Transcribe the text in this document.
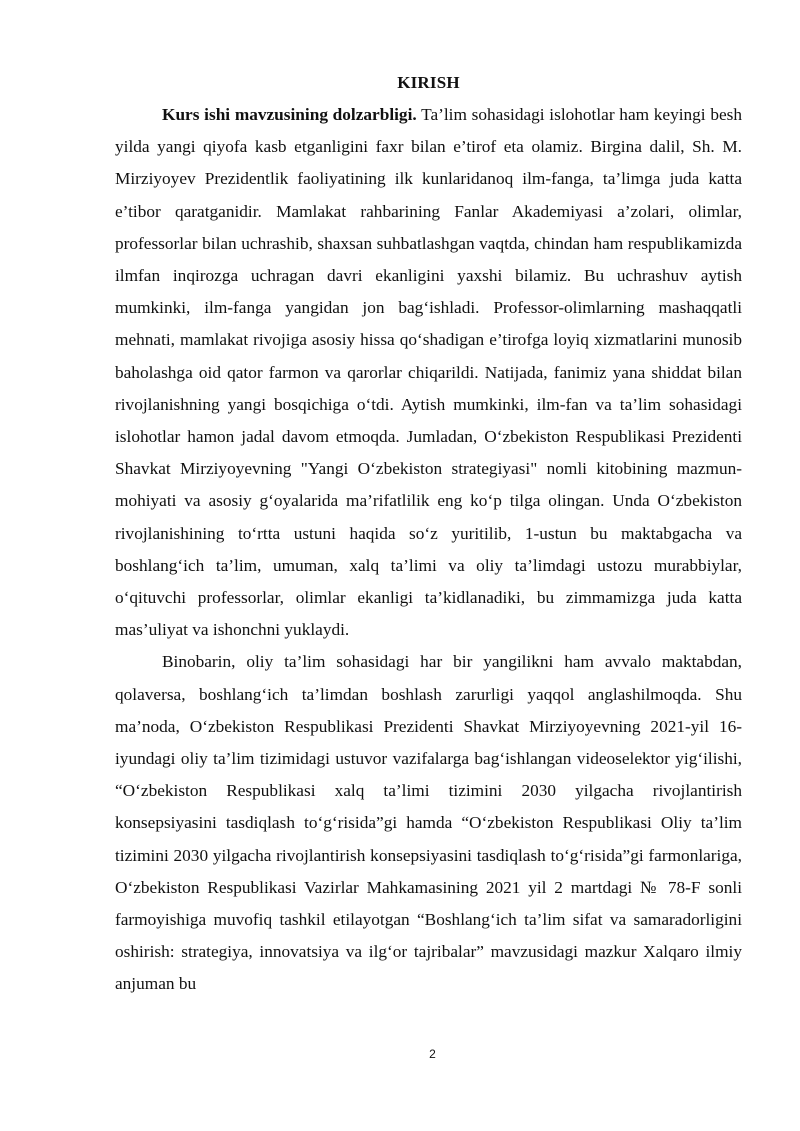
KIRISH

Kurs ishi mavzusining dolzarbligi. Ta’lim sohasidagi islohotlar ham keyingi besh yilda yangi qiyofa kasb etganligini faxr bilan e’tirof eta olamiz. Birgina dalil, Sh. M. Mirziyoyev Prezidentlik faoliyatining ilk kunlaridanoq ilm-fanga, ta’limga juda katta e’tibor qaratganidir. Mamlakat rahbarining Fanlar Akademiyasi a’zolari, olimlar, professorlar bilan uchrashib, shaxsan suhbatlashgan vaqtda, chindan ham respublikamizda ilmfan inqirozga uchragan davri ekanligini yaxshi bilamiz. Bu uchrashuv aytish mumkinki, ilm-fanga yangidan jon bag‘ishladi. Professor-olimlarning mashaqqatli mehnati, mamlakat rivojiga asosiy hissa qo‘shadigan e’tirofga loyiq xizmatlarini munosib baholashga oid qator farmon va qarorlar chiqarildi. Natijada, fanimiz yana shiddat bilan rivojlanishning yangi bosqichiga o‘tdi. Aytish mumkinki, ilm-fan va ta’lim sohasidagi islohotlar hamon jadal davom etmoqda. Jumladan, O‘zbekiston Respublikasi Prezidenti Shavkat Mirziyoyevning "Yangi O‘zbekiston strategiyasi" nomli kitobining mazmun-mohiyati va asosiy g‘oyalarida ma’rifatlilik eng ko‘p tilga olingan. Unda O‘zbekiston rivojlanishining to‘rtta ustuni haqida so‘z yuritilib, 1-ustun bu maktabgacha va boshlang‘ich ta’lim, umuman, xalq ta’limi va oliy ta’limdagi ustozu murabbiylar, o‘qituvchi professorlar, olimlar ekanligi ta’kidlanadiki, bu zimmamizga juda katta mas’uliyat va ishonchni yuklaydi.

Binobarin, oliy ta’lim sohasidagi har bir yangilikni ham avvalo maktabdan, qolaversa, boshlang‘ich ta’limdan boshlash zarurligi yaqqol anglashilmoqda. Shu ma’noda, O‘zbekiston Respublikasi Prezidenti Shavkat Mirziyoyevning 2021-yil 16-iyundagi oliy ta’lim tizimidagi ustuvor vazifalarga bag‘ishlangan videoselektor yig‘ilishi, “O‘zbekiston Respublikasi xalq ta’limi tizimini 2030 yilgacha rivojlantirish konsepsiyasini tasdiqlash to‘g‘risida”gi hamda “O‘zbekiston Respublikasi Oliy ta’lim tizimini 2030 yilgacha rivojlantirish konsepsiyasini tasdiqlash to‘g‘risida”gi farmonlariga, O‘zbekiston Respublikasi Vazirlar Mahkamasining 2021 yil 2 martdagi № 78-F sonli farmoyishiga muvofiq tashkil etilayotgan “Boshlang‘ich ta’lim sifat va samaradorligini oshirish: strategiya, innovatsiya va ilg‘or tajribalar” mavzusidagi mazkur Xalqaro ilmiy anjuman bu

2
